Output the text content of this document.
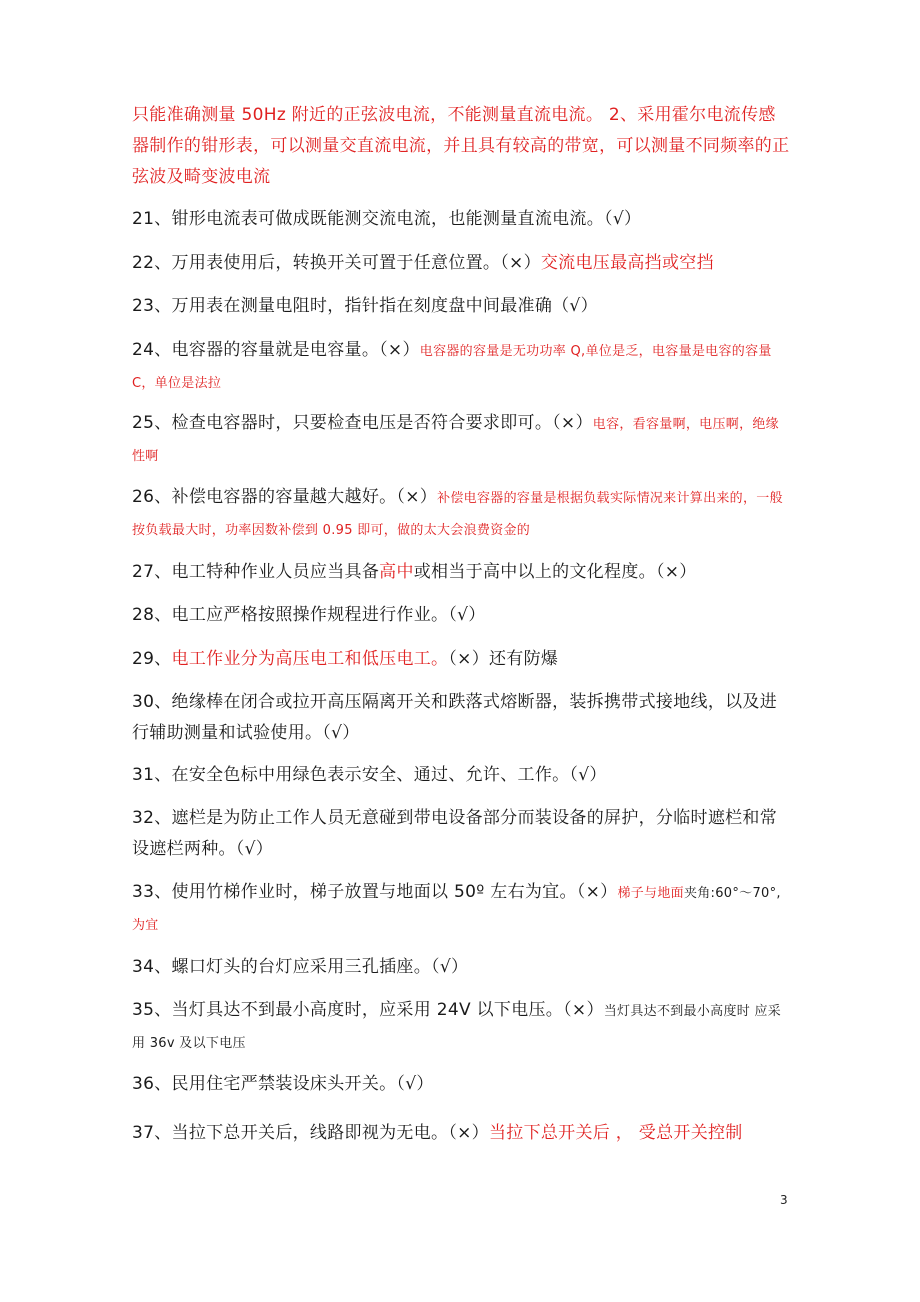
只能准确测量 50Hz 附近的正弦波电流，不能测量直流电流。 2、采用霍尔电流传感器制作的钳形表，可以测量交直流电流，并且具有较高的带宽，可以测量不同频率的正弦波及畸变波电流
21、钳形电流表可做成既能测交流电流，也能测量直流电流。（√）
22、万用表使用后，转换开关可置于任意位置。（×）交流电压最高挡或空挡
23、万用表在测量电阻时，指针指在刻度盘中间最准确（√）
24、电容器的容量就是电容量。（×）电容器的容量是无功功率 Q,单位是乏，电容量是电容的容量 C，单位是法拉
25、检查电容器时，只要检查电压是否符合要求即可。（×）电容，看容量啊，电压啊，绝缘性啊
26、补偿电容器的容量越大越好。（×）补偿电容器的容量是根据负载实际情况来计算出来的，一般按负载最大时，功率因数补偿到 0.95 即可，做的太大会浪费资金的
27、电工特种作业人员应当具备高中或相当于高中以上的文化程度。（×）
28、电工应严格按照操作规程进行作业。（√）
29、电工作业分为高压电工和低压电工。（×）还有防爆
30、绝缘棒在闭合或拉开高压隔离开关和跌落式熔断器，装拆携带式接地线，以及进行辅助测量和试验使用。（√）
31、在安全色标中用绿色表示安全、通过、允许、工作。（√）
32、遮栏是为防止工作人员无意碰到带电设备部分而装设备的屏护，分临时遮栏和常设遮栏两种。（√）
33、使用竹梯作业时，梯子放置与地面以 50º 左右为宜。（×）梯子与地面夹角:60°～70°, 为宜
34、螺口灯头的台灯应采用三孔插座。（√）
35、当灯具达不到最小高度时，应采用 24V 以下电压。（×）当灯具达不到最小高度时 应采用 36v 及以下电压
36、民用住宅严禁装设床头开关。（√）
37、当拉下总开关后，线路即视为无电。（×）当拉下总开关后 ， 受总开关控制
3
